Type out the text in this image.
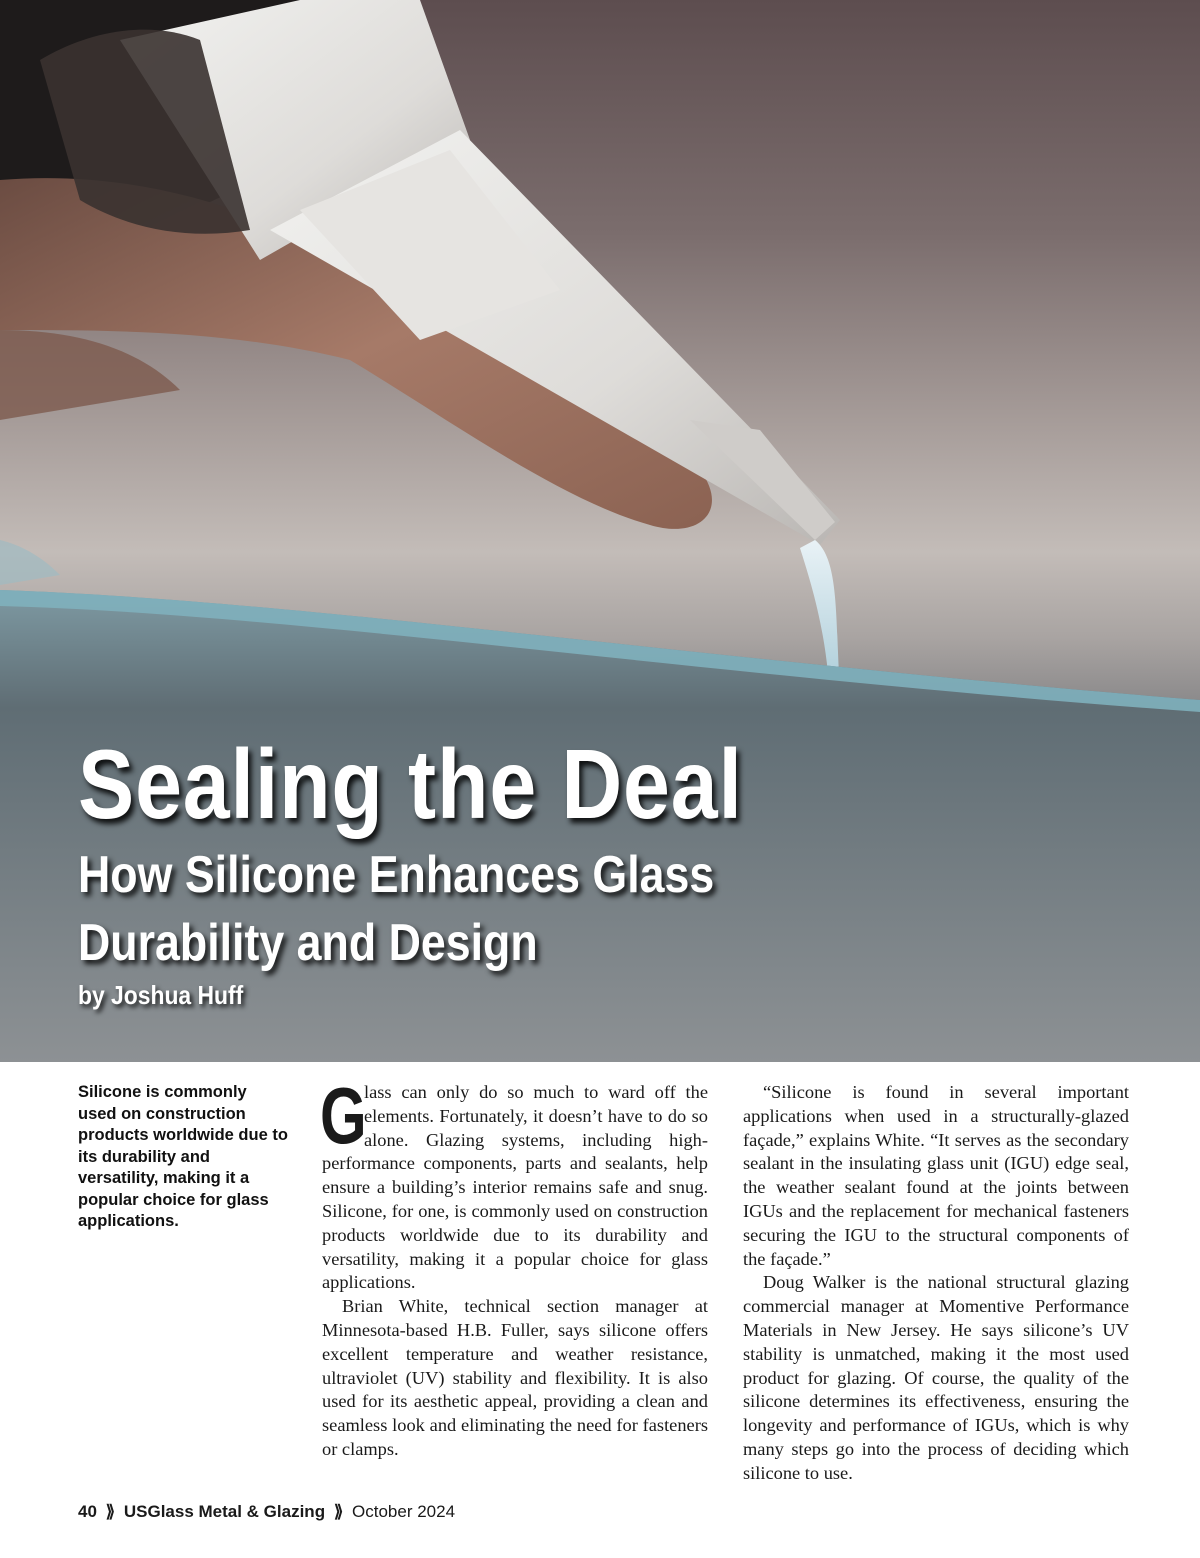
Sealing the Deal
How Silicone Enhances Glass
Durability and Design
by Joshua Huff
Silicone is commonly used on construction products worldwide due to its durability and versatility, making it a popular choice for glass applications.

G
lass can only do so much to ward off the elements. Fortunately, it doesn’t have to do so alone. Glazing systems, including high-performance components, parts and sealants, help ensure a building’s interior remains safe and snug. Silicone, for one, is commonly used on construction products worldwide due to its durability and versatility, making it a popular choice for glass applications.

Brian White, technical section manager at Minnesota-based H.B. Fuller, says silicone offers excellent temperature and weather resistance, ultraviolet (UV) stability and flexibility. It is also used for its aesthetic appeal, providing a clean and seamless look and eliminating the need for fasteners or clamps.

“Silicone is found in several important applications when used in a structurally-glazed façade,” explains White. “It serves as the secondary sealant in the insulating glass unit (IGU) edge seal, the weather sealant found at the joints between IGUs and the replacement for mechanical fasteners securing the IGU to the structural components of the façade.”

Doug Walker is the national structural glazing commercial manager at Momentive Performance Materials in New Jersey. He says silicone’s UV stability is unmatched, making it the most used product for glazing. Of course, the quality of the silicone determines its effectiveness, ensuring the longevity and performance of IGUs, which is why many steps go into the process of deciding which silicone to use.

40 ⟫ USGlass Metal & Glazing ⟫ October 2024
